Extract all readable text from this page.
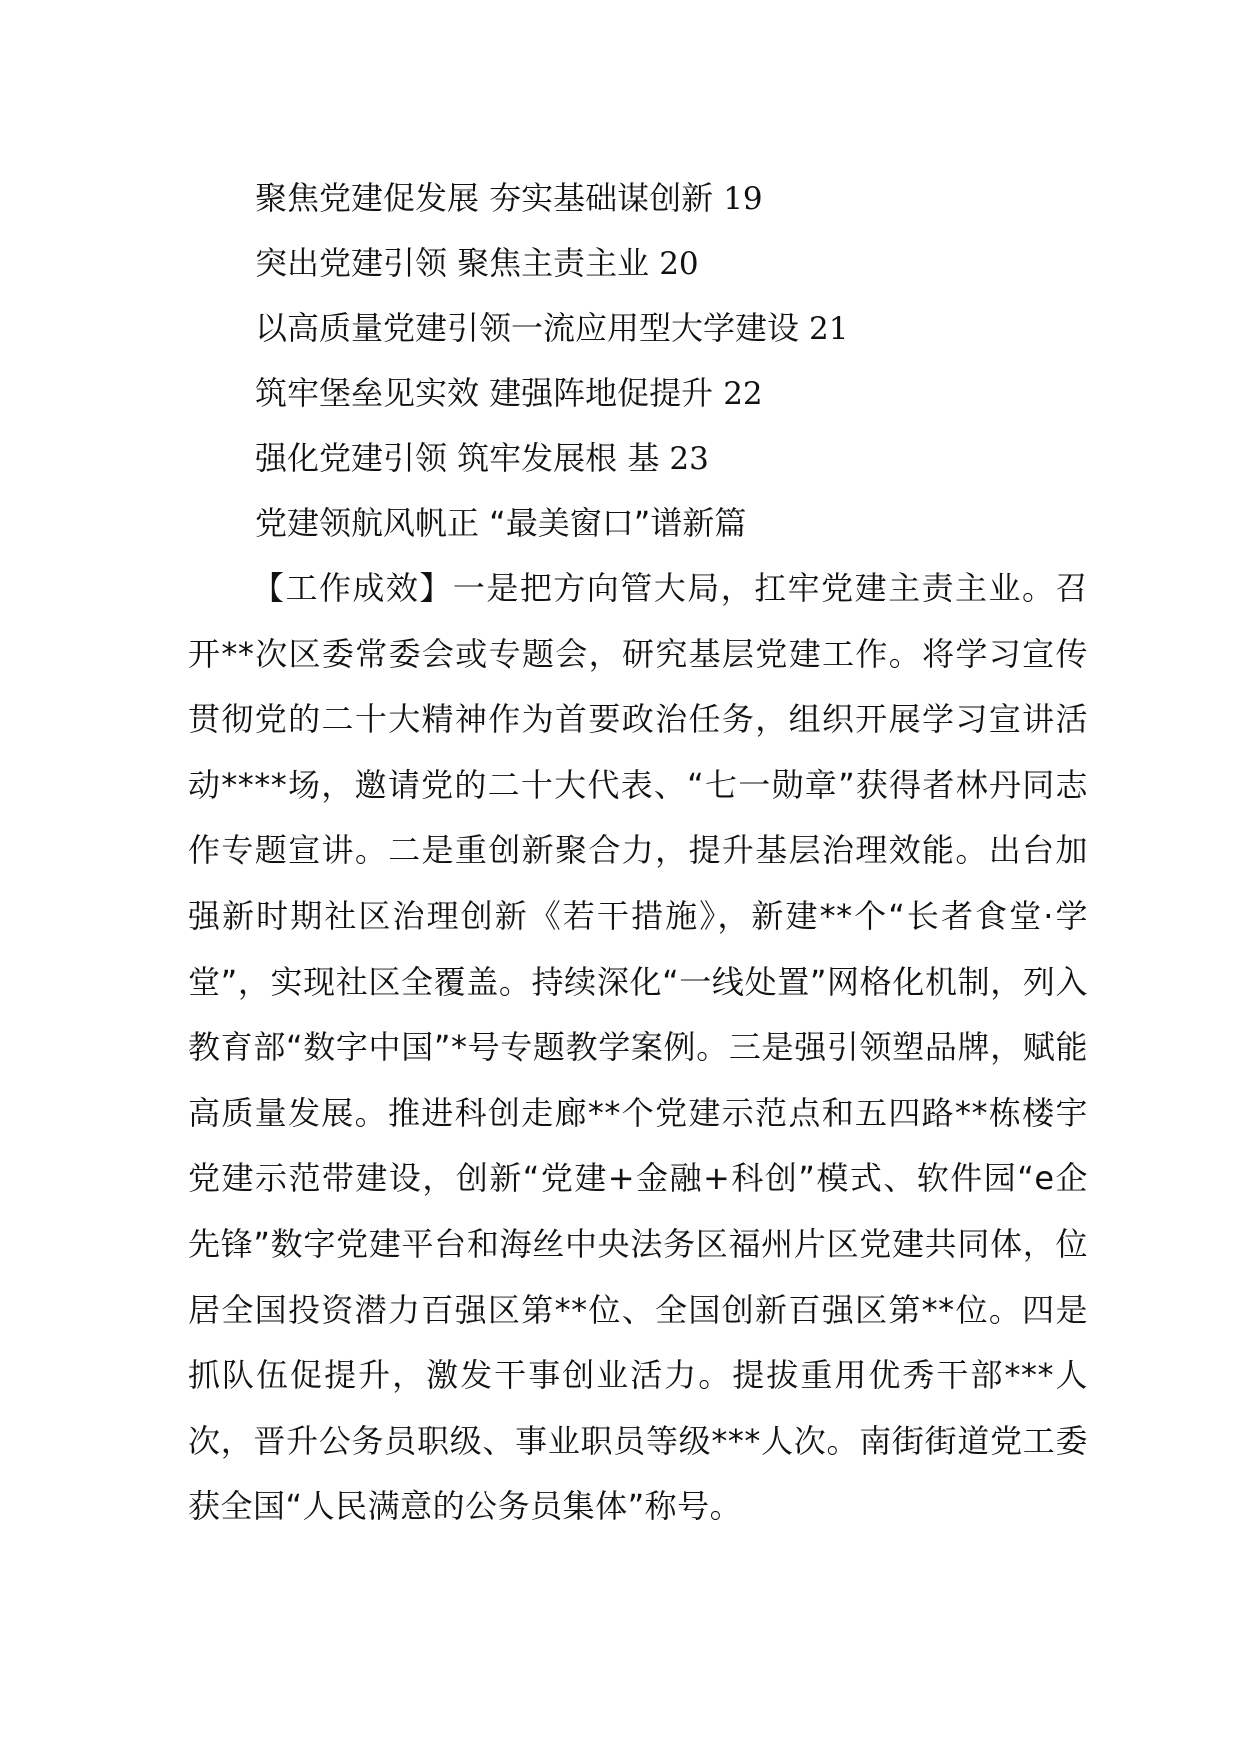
聚焦党建促发展 夯实基础谋创新 19
突出党建引领 聚焦主责主业 20
以高质量党建引领一流应用型大学建设 21
筑牢堡垒见实效 建强阵地促提升 22
强化党建引领 筑牢发展根 基 23
党建领航风帆正 “最美窗口”谱新篇

【工作成效】一是把方向管大局，扛牢党建主责主业。召开**次区委常委会或专题会，研究基层党建工作。将学习宣传贯彻党的二十大精神作为首要政治任务，组织开展学习宣讲活动****场，邀请党的二十大代表、“七一勋章”获得者林丹同志作专题宣讲。二是重创新聚合力，提升基层治理效能。出台加强新时期社区治理创新《若干措施》，新建**个“长者食堂·学堂”，实现社区全覆盖。持续深化“一线处置”网格化机制，列入教育部“数字中国”*号专题教学案例。三是强引领塑品牌，赋能高质量发展。推进科创走廊**个党建示范点和五四路**栋楼宇党建示范带建设，创新“党建+金融+科创”模式、软件园“e企先锋”数字党建平台和海丝中央法务区福州片区党建共同体，位居全国投资潜力百强区第**位、全国创新百强区第**位。四是抓队伍促提升，激发干事创业活力。提拔重用优秀干部***人次，晋升公务员职级、事业职员等级***人次。南街街道党工委获全国“人民满意的公务员集体”称号。
